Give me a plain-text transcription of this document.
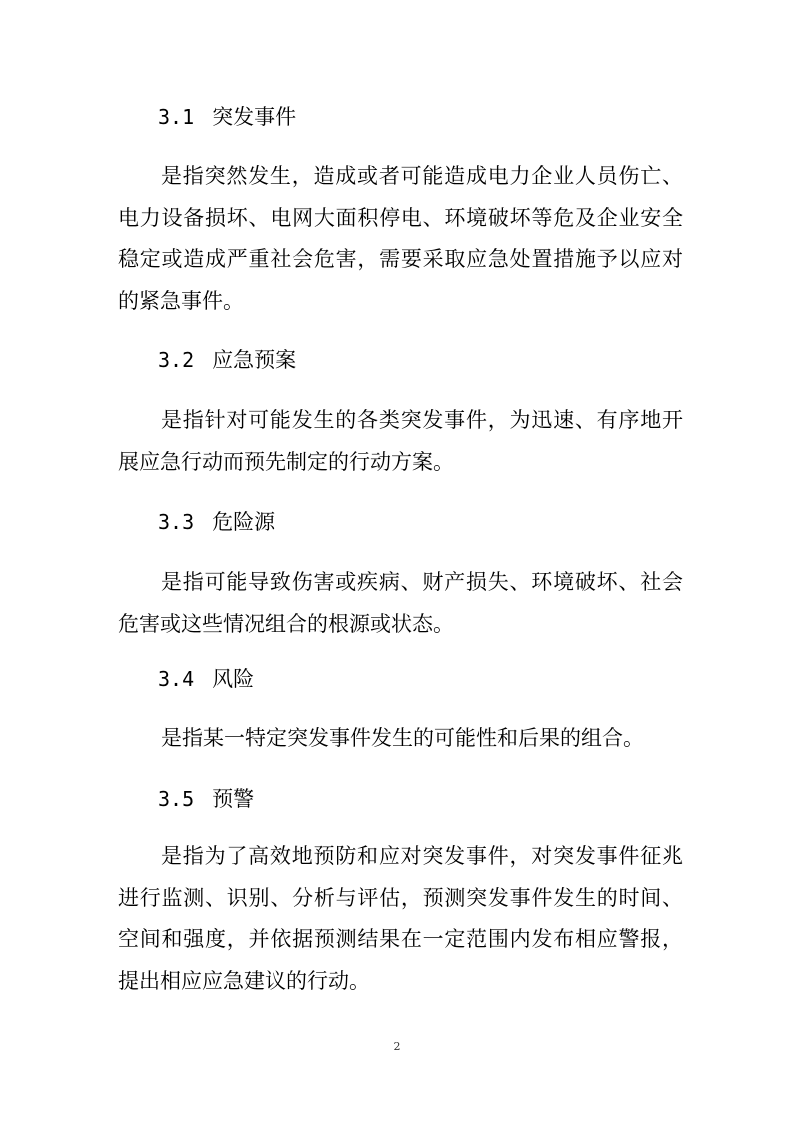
3.1 突发事件
是指突然发生，造成或者可能造成电力企业人员伤亡、电力设备损坏、电网大面积停电、环境破坏等危及企业安全稳定或造成严重社会危害，需要采取应急处置措施予以应对的紧急事件。
3.2 应急预案
是指针对可能发生的各类突发事件，为迅速、有序地开展应急行动而预先制定的行动方案。
3.3 危险源
是指可能导致伤害或疾病、财产损失、环境破坏、社会危害或这些情况组合的根源或状态。
3.4 风险
是指某一特定突发事件发生的可能性和后果的组合。
3.5 预警
是指为了高效地预防和应对突发事件，对突发事件征兆进行监测、识别、分析与评估，预测突发事件发生的时间、空间和强度，并依据预测结果在一定范围内发布相应警报，提出相应应急建议的行动。
2
